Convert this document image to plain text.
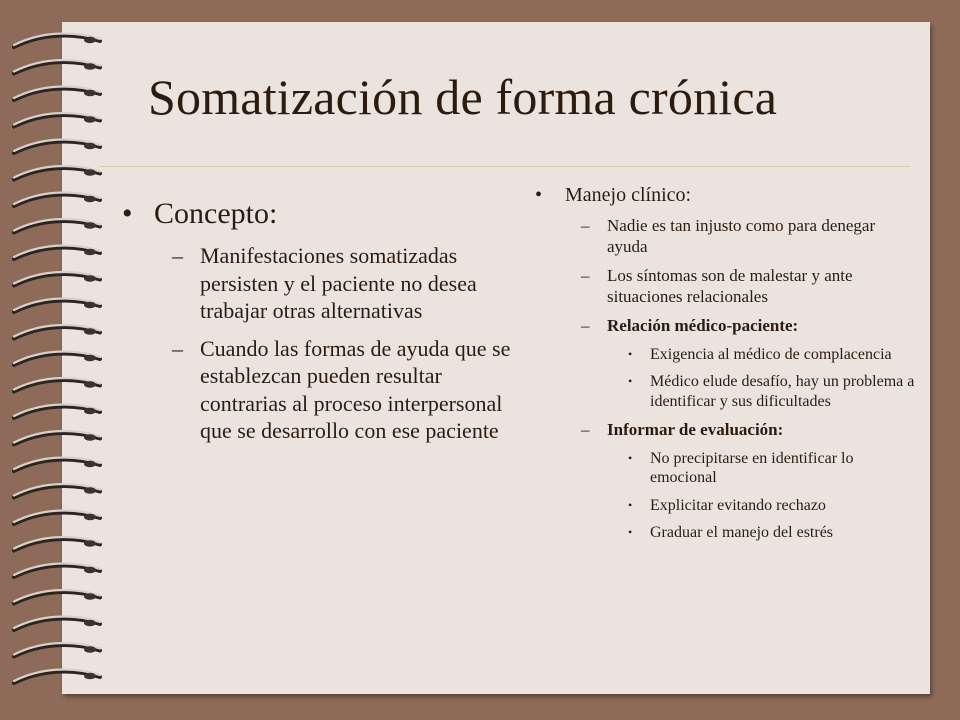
Somatización de forma crónica
• Concepto:
– Manifestaciones somatizadas persisten y el paciente no desea trabajar otras alternativas
– Cuando las formas de ayuda que se establezcan pueden resultar contrarias al proceso interpersonal que se desarrollo con ese paciente
• Manejo clínico:
– Nadie es tan injusto como para denegar ayuda
– Los síntomas son de malestar y ante situaciones relacionales
– Relación médico-paciente:
• Exigencia al médico de complacencia
• Médico elude desafío, hay un problema a identificar y sus dificultades
– Informar de evaluación:
• No precipitarse en identificar lo emocional
• Explicitar evitando rechazo
• Graduar el manejo del estrés
